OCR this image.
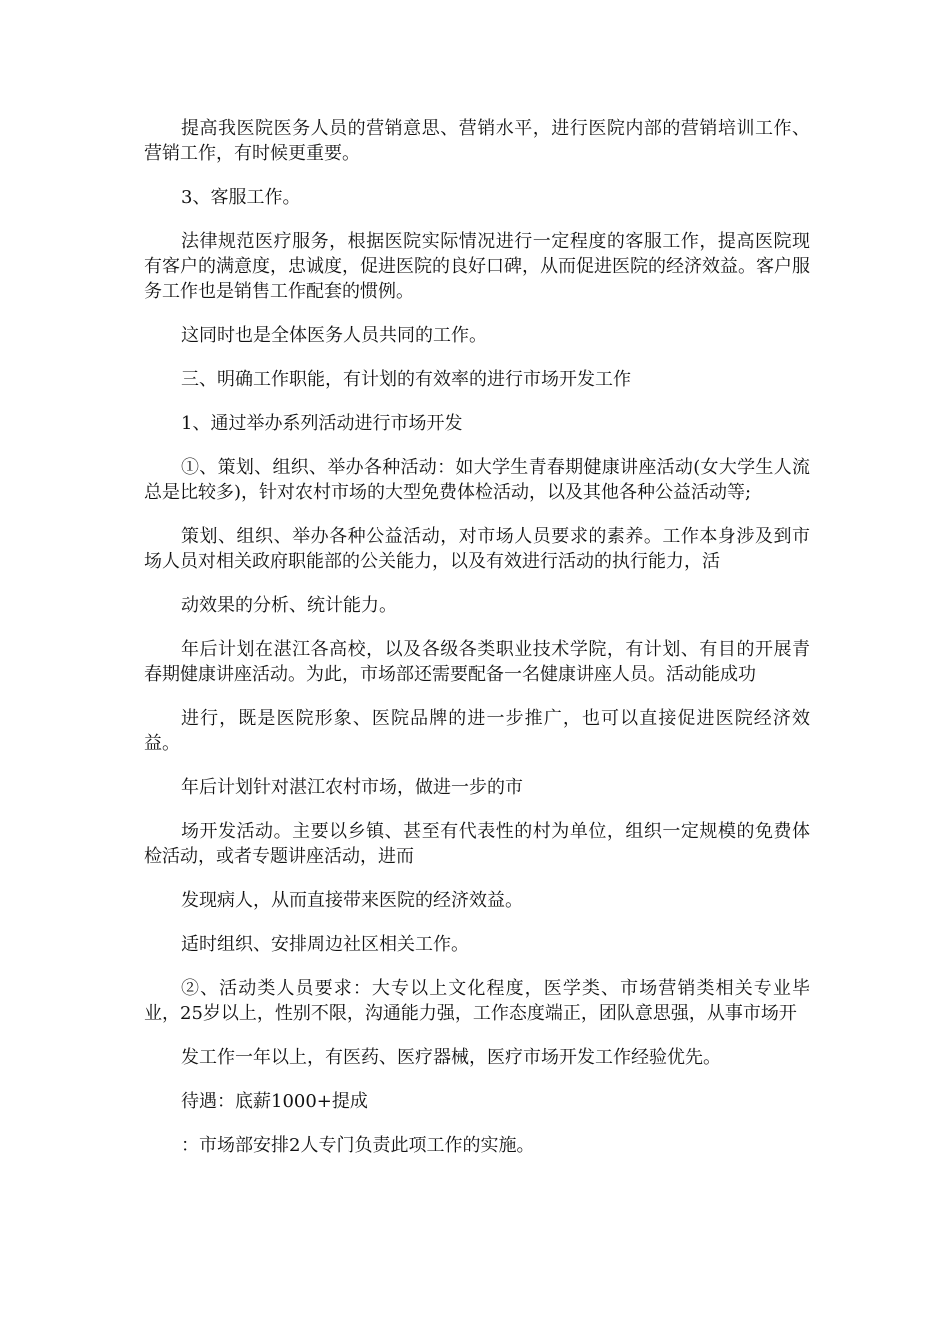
提高我医院医务人员的营销意思、营销水平，进行医院内部的营销培训工作、营销工作，有时候更重要。

3、客服工作。

法律规范医疗服务，根据医院实际情况进行一定程度的客服工作，提高医院现有客户的满意度，忠诚度，促进医院的良好口碑，从而促进医院的经济效益。客户服务工作也是销售工作配套的惯例。

这同时也是全体医务人员共同的工作。

三、明确工作职能，有计划的有效率的进行市场开发工作

1、通过举办系列活动进行市场开发

①、策划、组织、举办各种活动：如大学生青春期健康讲座活动(女大学生人流总是比较多)，针对农村市场的大型免费体检活动，以及其他各种公益活动等;

策划、组织、举办各种公益活动，对市场人员要求的素养。工作本身涉及到市场人员对相关政府职能部的公关能力，以及有效进行活动的执行能力，活

动效果的分析、统计能力。

年后计划在湛江各高校，以及各级各类职业技术学院，有计划、有目的开展青春期健康讲座活动。为此，市场部还需要配备一名健康讲座人员。活动能成功

进行，既是医院形象、医院品牌的进一步推广，也可以直接促进医院经济效益。

年后计划针对湛江农村市场，做进一步的市

场开发活动。主要以乡镇、甚至有代表性的村为单位，组织一定规模的免费体检活动，或者专题讲座活动，进而

发现病人，从而直接带来医院的经济效益。

适时组织、安排周边社区相关工作。

②、活动类人员要求：大专以上文化程度，医学类、市场营销类相关专业毕业，25岁以上，性别不限，沟通能力强，工作态度端正，团队意思强，从事市场开

发工作一年以上，有医药、医疗器械，医疗市场开发工作经验优先。

待遇：底薪1000+提成

：市场部安排2人专门负责此项工作的实施。
